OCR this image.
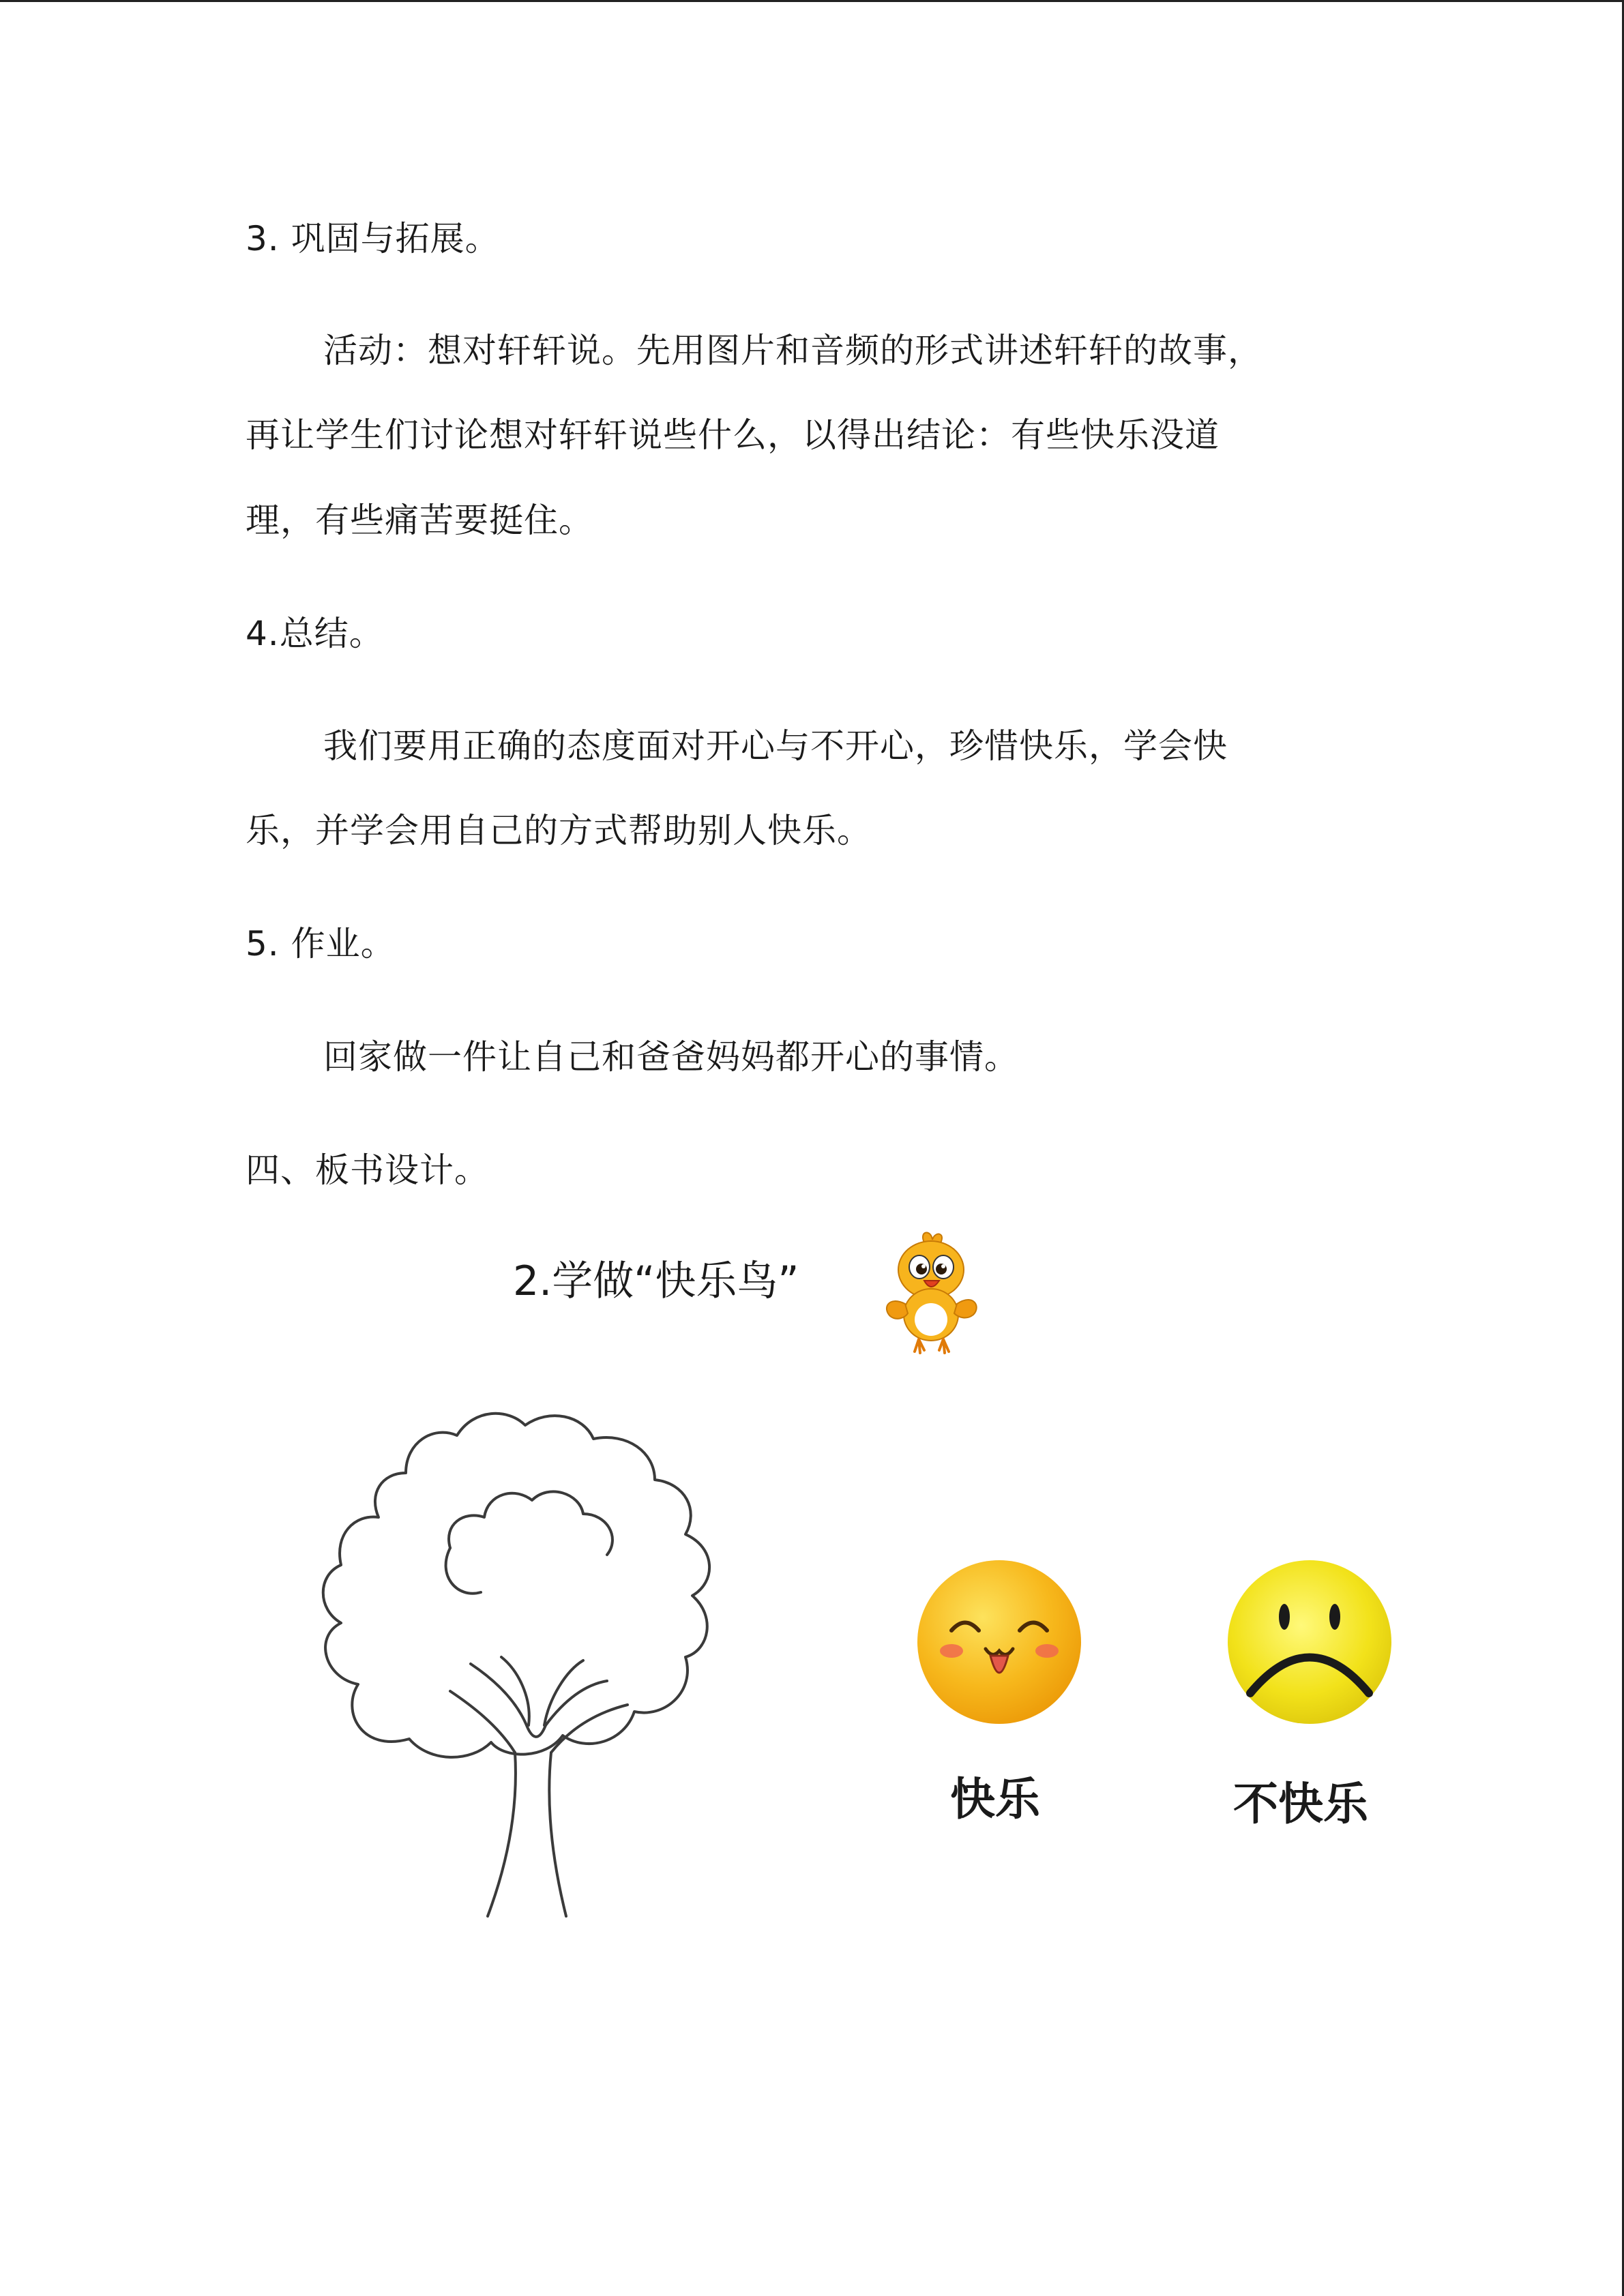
3. 巩固与拓展。
活动：想对轩轩说。先用图片和音频的形式讲述轩轩的故事，
再让学生们讨论想对轩轩说些什么，以得出结论：有些快乐没道
理，有些痛苦要挺住。
4.总结。
我们要用正确的态度面对开心与不开心，珍惜快乐，学会快
乐，并学会用自己的方式帮助别人快乐。
5. 作业。
回家做一件让自己和爸爸妈妈都开心的事情。
四、板书设计。
2.学做“快乐鸟”
快乐	不快乐
